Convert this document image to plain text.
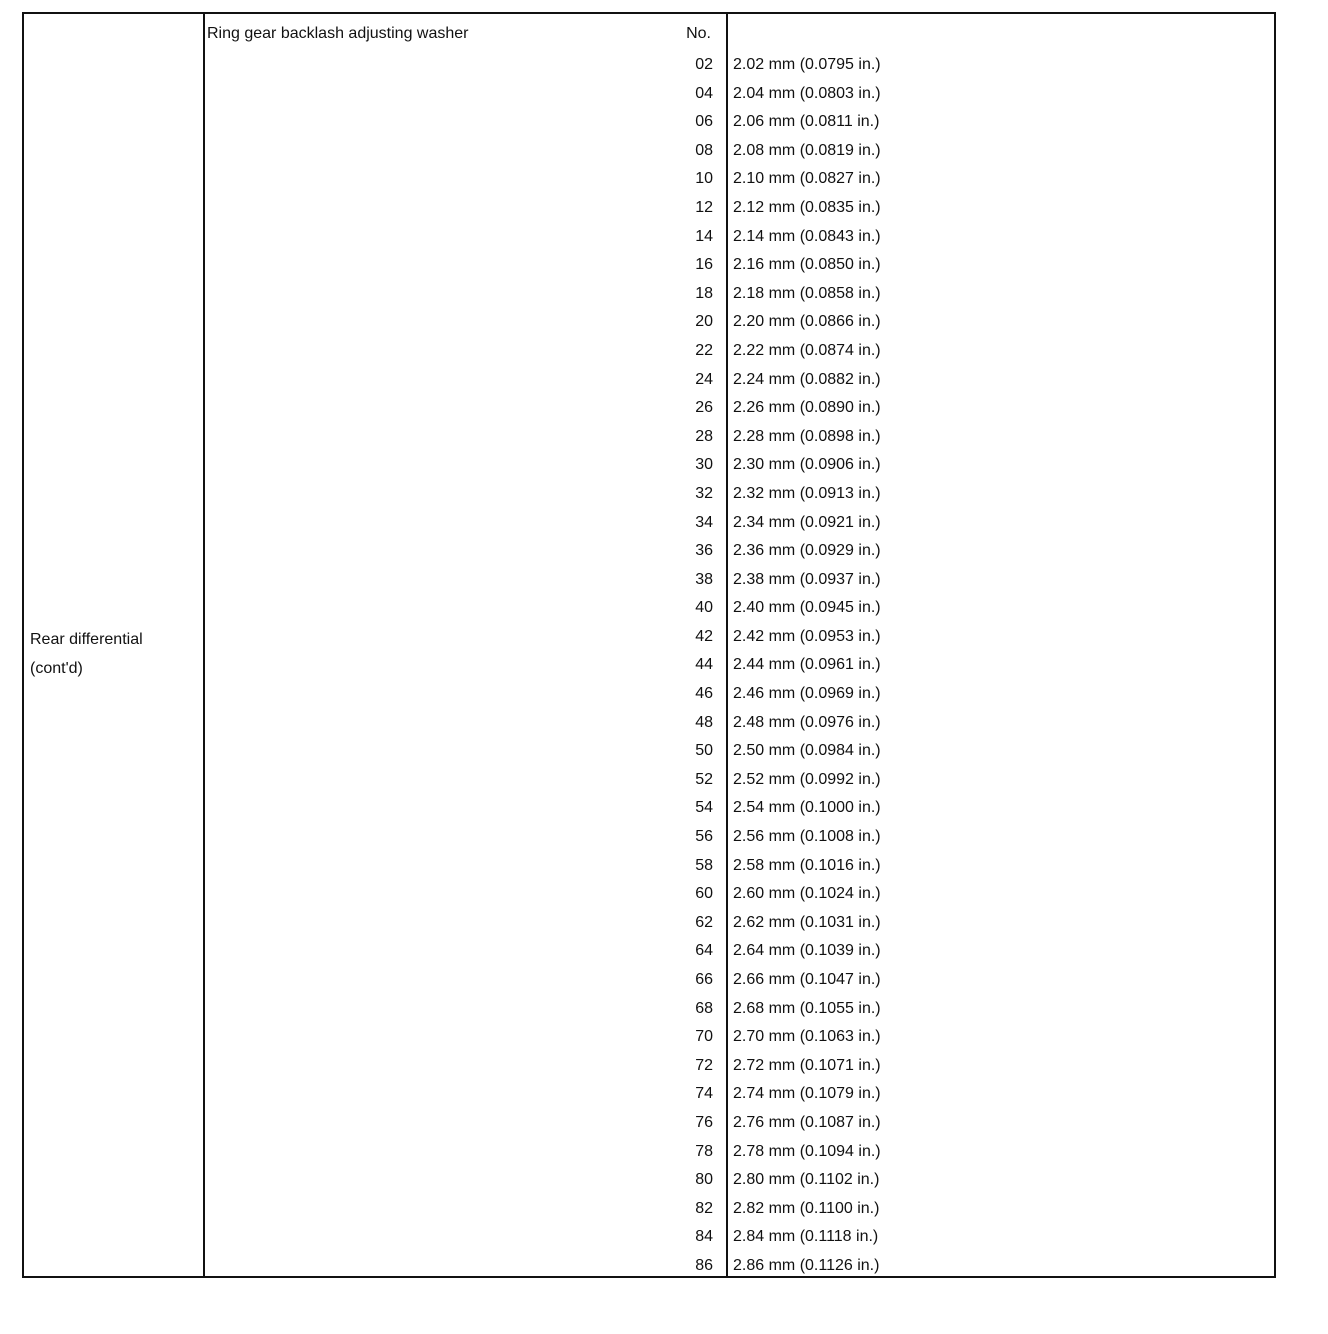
Rear differential
(cont'd)
Ring gear backlash adjusting washer	No.
02 2.02 mm (0.0795 in.)
04 2.04 mm (0.0803 in.)
06 2.06 mm (0.0811 in.)
08 2.08 mm (0.0819 in.)
10 2.10 mm (0.0827 in.)
12 2.12 mm (0.0835 in.)
14 2.14 mm (0.0843 in.)
16 2.16 mm (0.0850 in.)
18 2.18 mm (0.0858 in.)
20 2.20 mm (0.0866 in.)
22 2.22 mm (0.0874 in.)
24 2.24 mm (0.0882 in.)
26 2.26 mm (0.0890 in.)
28 2.28 mm (0.0898 in.)
30 2.30 mm (0.0906 in.)
32 2.32 mm (0.0913 in.)
34 2.34 mm (0.0921 in.)
36 2.36 mm (0.0929 in.)
38 2.38 mm (0.0937 in.)
40 2.40 mm (0.0945 in.)
42 2.42 mm (0.0953 in.)
44 2.44 mm (0.0961 in.)
46 2.46 mm (0.0969 in.)
48 2.48 mm (0.0976 in.)
50 2.50 mm (0.0984 in.)
52 2.52 mm (0.0992 in.)
54 2.54 mm (0.1000 in.)
56 2.56 mm (0.1008 in.)
58 2.58 mm (0.1016 in.)
60 2.60 mm (0.1024 in.)
62 2.62 mm (0.1031 in.)
64 2.64 mm (0.1039 in.)
66 2.66 mm (0.1047 in.)
68 2.68 mm (0.1055 in.)
70 2.70 mm (0.1063 in.)
72 2.72 mm (0.1071 in.)
74 2.74 mm (0.1079 in.)
76 2.76 mm (0.1087 in.)
78 2.78 mm (0.1094 in.)
80 2.80 mm (0.1102 in.)
82 2.82 mm (0.1100 in.)
84 2.84 mm (0.1118 in.)
86 2.86 mm (0.1126 in.)
